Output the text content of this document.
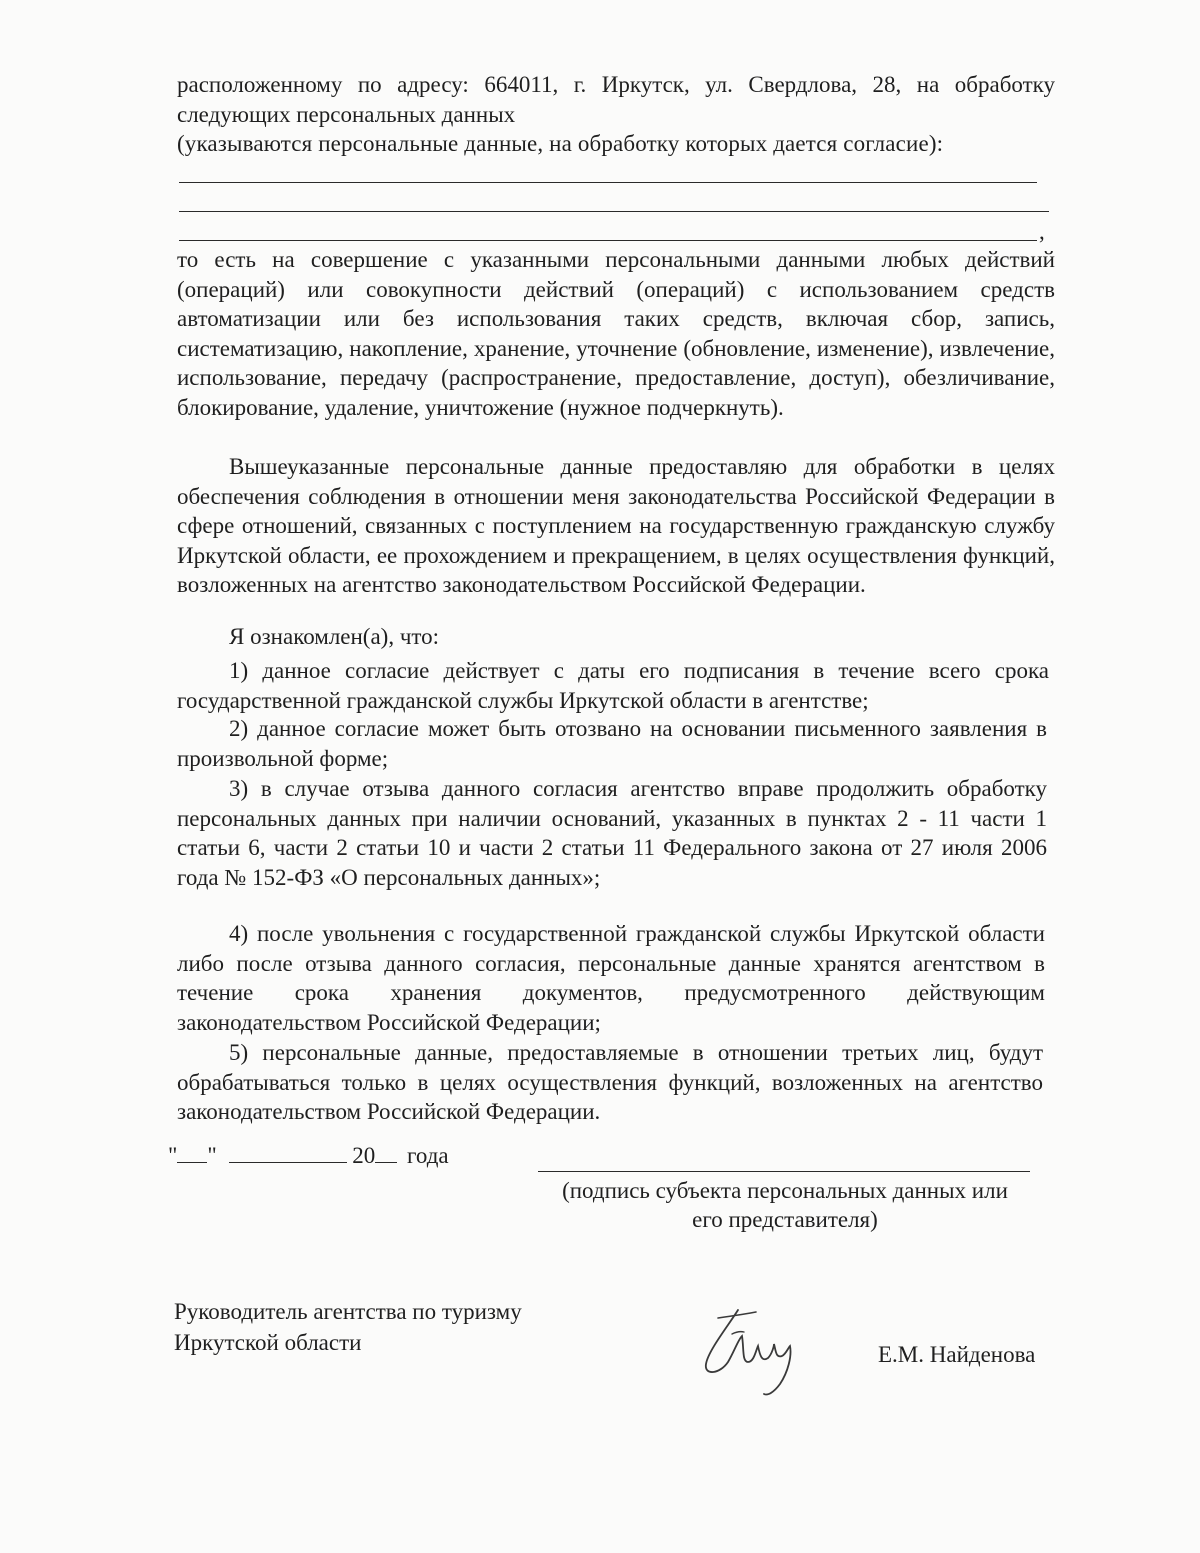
расположенному по адресу: 664011, г. Иркутск, ул. Свердлова, 28, на обработку следующих персональных данных
(указываются персональные данные, на обработку которых дается согласие):
,
то есть на совершение с указанными персональными данными любых действий (операций) или совокупности действий (операций) с использованием средств автоматизации или без использования таких средств, включая сбор, запись, систематизацию, накопление, хранение, уточнение (обновление, изменение), извлечение, использование, передачу (распространение, предоставление, доступ), обезличивание, блокирование, удаление, уничтожение (нужное подчеркнуть).
Вышеуказанные персональные данные предоставляю для обработки в целях обеспечения соблюдения в отношении меня законодательства Российской Федерации в сфере отношений, связанных с поступлением на государственную гражданскую службу Иркутской области, ее прохождением и прекращением, в целях осуществления функций, возложенных на агентство законодательством Российской Федерации.
Я ознакомлен(а), что:
1) данное согласие действует с даты его подписания в течение всего срока государственной гражданской службы Иркутской области в агентстве;
2) данное согласие может быть отозвано на основании письменного заявления в произвольной форме;
3) в случае отзыва данного согласия агентство вправе продолжить обработку персональных данных при наличии оснований, указанных в пунктах 2 - 11 части 1 статьи 6, части 2 статьи 10 и части 2 статьи 11 Федерального закона от 27 июля 2006 года № 152-ФЗ «О персональных данных»;
4) после увольнения с государственной гражданской службы Иркутской области либо после отзыва данного согласия, персональные данные хранятся агентством в течение срока хранения документов, предусмотренного действующим законодательством Российской Федерации;
5) персональные данные, предоставляемые в отношении третьих лиц, будут обрабатываться только в целях осуществления функций, возложенных на агентство законодательством Российской Федерации.
" "	20 года
(подпись субъекта персональных данных или
его представителя)
Руководитель агентства по туризму
Иркутской области	Е.М. Найденова
